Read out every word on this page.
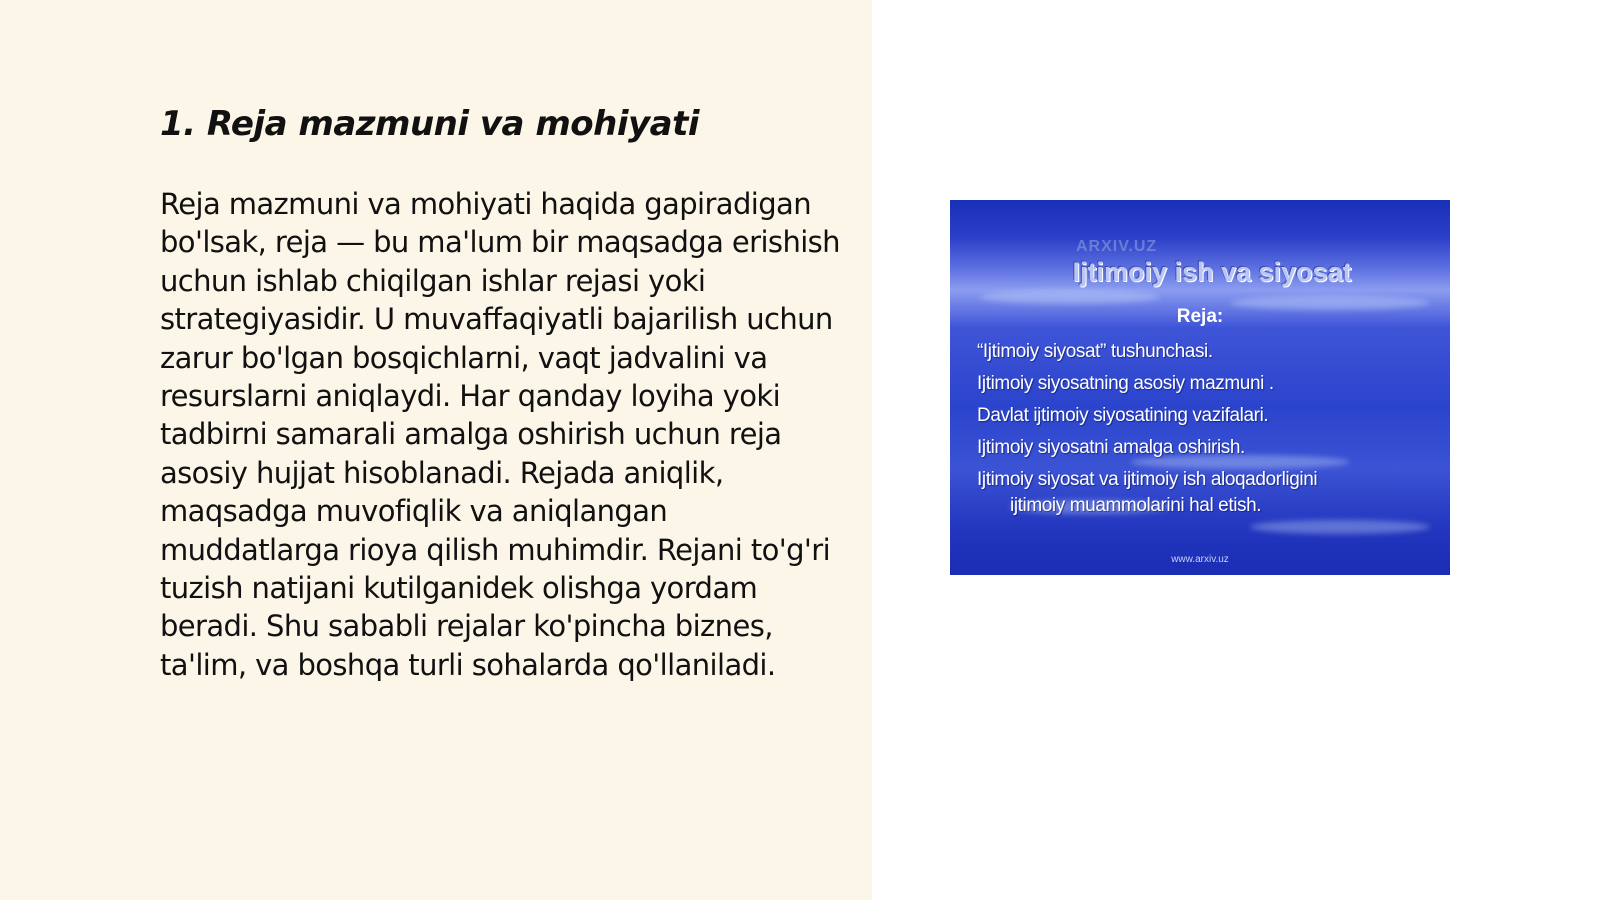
1. Reja mazmuni va mohiyati

Reja mazmuni va mohiyati haqida gapiradigan bo'lsak, reja — bu ma'lum bir maqsadga erishish uchun ishlab chiqilgan ishlar rejasi yoki strategiyasidir. U muvaffaqiyatli bajarilish uchun zarur bo'lgan bosqichlarni, vaqt jadvalini va resurslarni aniqlaydi. Har qanday loyiha yoki tadbirni samarali amalga oshirish uchun reja asosiy hujjat hisoblanadi. Rejada aniqlik, maqsadga muvofiqlik va aniqlangan muddatlarga rioya qilish muhimdir. Rejani to'g'ri tuzish natijani kutilganidek olishga yordam beradi. Shu sababli rejalar ko'pincha biznes, ta'lim, va boshqa turli sohalarda qo'llaniladi.

ARXIV.UZ

Ijtimoiy ish va siyosat

Reja:

“Ijtimoiy siyosat” tushunchasi.
Ijtimoiy siyosatning asosiy mazmuni .
Davlat ijtimoiy siyosatining vazifalari.
Ijtimoiy siyosatni amalga oshirish.
Ijtimoiy siyosat va ijtimoiy ish aloqadorligini
ijtimoiy muammolarini hal etish.

www.arxiv.uz
